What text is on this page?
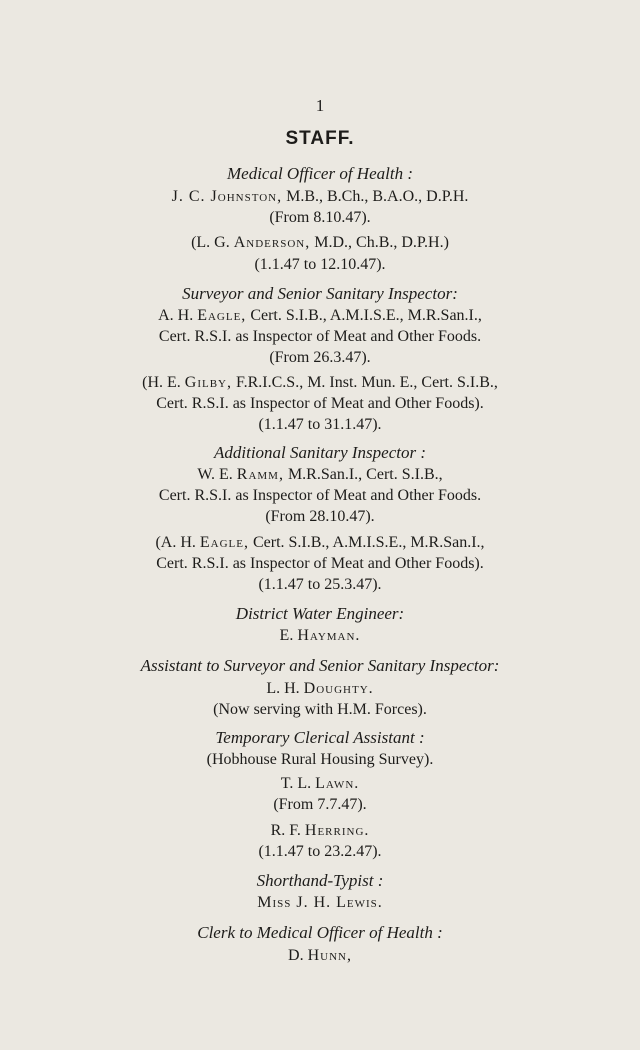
1
STAFF.
Medical Officer of Health :
J. C. Johnston, M.B., B.Ch., B.A.O., D.P.H.
(From 8.10.47).
(L. G. Anderson, M.D., Ch.B., D.P.H.)
(1.1.47 to 12.10.47).
Surveyor and Senior Sanitary Inspector:
A. H. Eagle, Cert. S.I.B., A.M.I.S.E., M.R.San.I.,
Cert. R.S.I. as Inspector of Meat and Other Foods.
(From 26.3.47).
(H. E. Gilby, F.R.I.C.S., M. Inst. Mun. E., Cert. S.I.B.,
Cert. R.S.I. as Inspector of Meat and Other Foods).
(1.1.47 to 31.1.47).
Additional Sanitary Inspector :
W. E. Ramm, M.R.San.I., Cert. S.I.B.,
Cert. R.S.I. as Inspector of Meat and Other Foods.
(From 28.10.47).
(A. H. Eagle, Cert. S.I.B., A.M.I.S.E., M.R.San.I.,
Cert. R.S.I. as Inspector of Meat and Other Foods).
(1.1.47 to 25.3.47).
District Water Engineer:
E. Hayman.
Assistant to Surveyor and Senior Sanitary Inspector:
L. H. Doughty.
(Now serving with H.M. Forces).
Temporary Clerical Assistant :
(Hobhouse Rural Housing Survey).
T. L. Lawn.
(From 7.7.47).
R. F. Herring.
(1.1.47 to 23.2.47).
Shorthand-Typist :
Miss J. H. Lewis.
Clerk to Medical Officer of Health :
D. Hunn,
